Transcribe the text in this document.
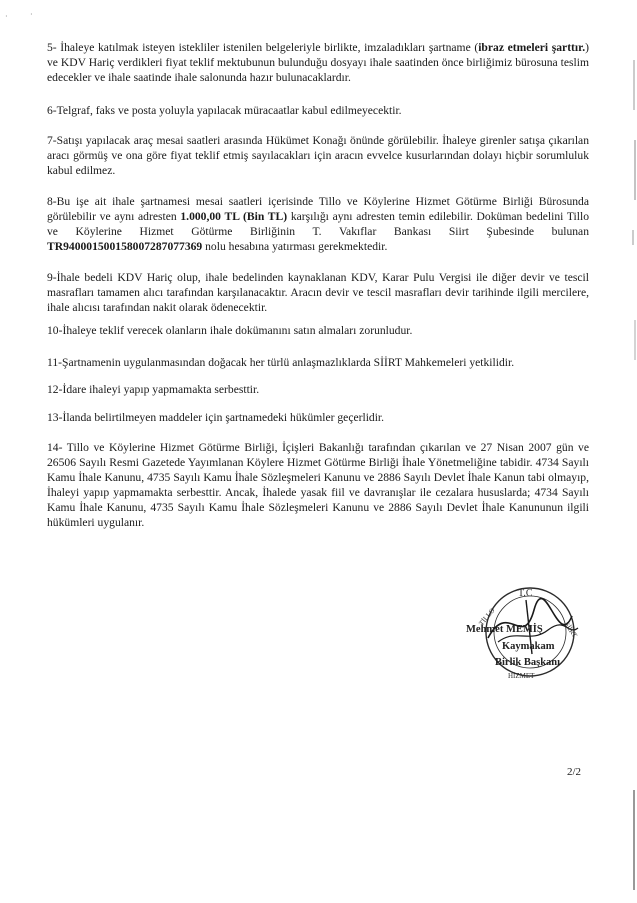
·	·

5- İhaleye katılmak isteyen istekliler istenilen belgeleriyle birlikte, imzaladıkları şartname (ibraz etmeleri şarttır.) ve KDV Hariç verdikleri fiyat teklif mektubunun bulunduğu dosyayı ihale saatinden önce birliğimiz bürosuna teslim edecekler ve ihale saatinde ihale salonunda hazır bulunacaklardır.

6-Telgraf, faks ve posta yoluyla yapılacak müracaatlar kabul edilmeyecektir.

7-Satışı yapılacak araç mesai saatleri arasında Hükümet Konağı önünde görülebilir. İhaleye girenler satışa çıkarılan aracı görmüş ve ona göre fiyat teklif etmiş sayılacakları için aracın evvelce kusurlarından dolayı hiçbir sorumluluk kabul edilmez.

8-Bu işe ait ihale şartnamesi mesai saatleri içerisinde Tillo ve Köylerine Hizmet Götürme Birliği Bürosunda görülebilir ve aynı adresten 1.000,00 TL (Bin TL) karşılığı aynı adresten temin edilebilir. Doküman bedelini Tillo ve Köylerine Hizmet Götürme Birliğinin T. Vakıflar Bankası Siirt Şubesinde bulunan TR940001500158007287077369 nolu hesabına yatırması gerekmektedir.

9-İhale bedeli KDV Hariç olup, ihale bedelinden kaynaklanan KDV, Karar Pulu Vergisi ile diğer devir ve tescil masrafları tamamen alıcı tarafından karşılanacaktır. Aracın devir ve tescil masrafları devir tarihinde ilgili mercilere, ihale alıcısı tarafından nakit olarak ödenecektir.

10-İhaleye teklif verecek olanların ihale dokümanını satın almaları zorunludur.

11-Şartnamenin uygulanmasından doğacak her türlü anlaşmazlıklarda SİİRT Mahkemeleri yetkilidir.

12-İdare ihaleyi yapıp yapmamakta serbesttir.

13-İlanda belirtilmeyen maddeler için şartnamedeki hükümler geçerlidir.

14- Tillo ve Köylerine Hizmet Götürme Birliği, İçişleri Bakanlığı tarafından çıkarılan ve 27 Nisan 2007 gün ve 26506 Sayılı Resmi Gazetede Yayımlanan Köylere Hizmet Götürme Birliği İhale Yönetmeliğine tabidir. 4734 Sayılı Kamu İhale Kanunu, 4735 Sayılı Kamu İhale Sözleşmeleri Kanunu ve 2886 Sayılı Devlet İhale Kanun tabi olmayıp, İhaleyi yapıp yapmamakta serbesttir. Ancak, İhalede yasak fiil ve davranışlar ile cezalara hususlarda; 4734 Sayılı Kamu İhale Kanunu, 4735 Sayılı Kamu İhale Sözleşmeleri Kanunu ve 2886 Sayılı Devlet İhale Kanununun ilgili hükümleri uygulanır.

T.C
TİLLO
SİİRT
HİZMET
Mehmet MEMİŞ
Kaymakam
Birlik Başkanı
2/2
